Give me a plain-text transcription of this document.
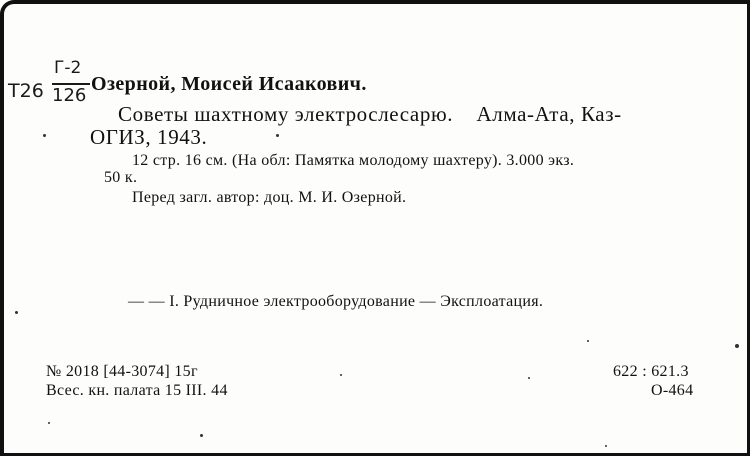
Т26
Г-2
126
Озерной, Моисей Исаакович.
Советы шахтному электрослесарю.    Алма-Ата, Каз-
ОГИЗ, 1943.
12 стр. 16 см. (На обл: Памятка молодому шахтеру). 3.000 экз.
50 к.
Перед загл. автор: доц. М. И. Озерной.
— — I. Рудничное электрооборудование — Эксплоатация.
№ 2018 [44-3074] 15г
Всес. кн. палата 15 III. 44
622 : 621.3
О-464
